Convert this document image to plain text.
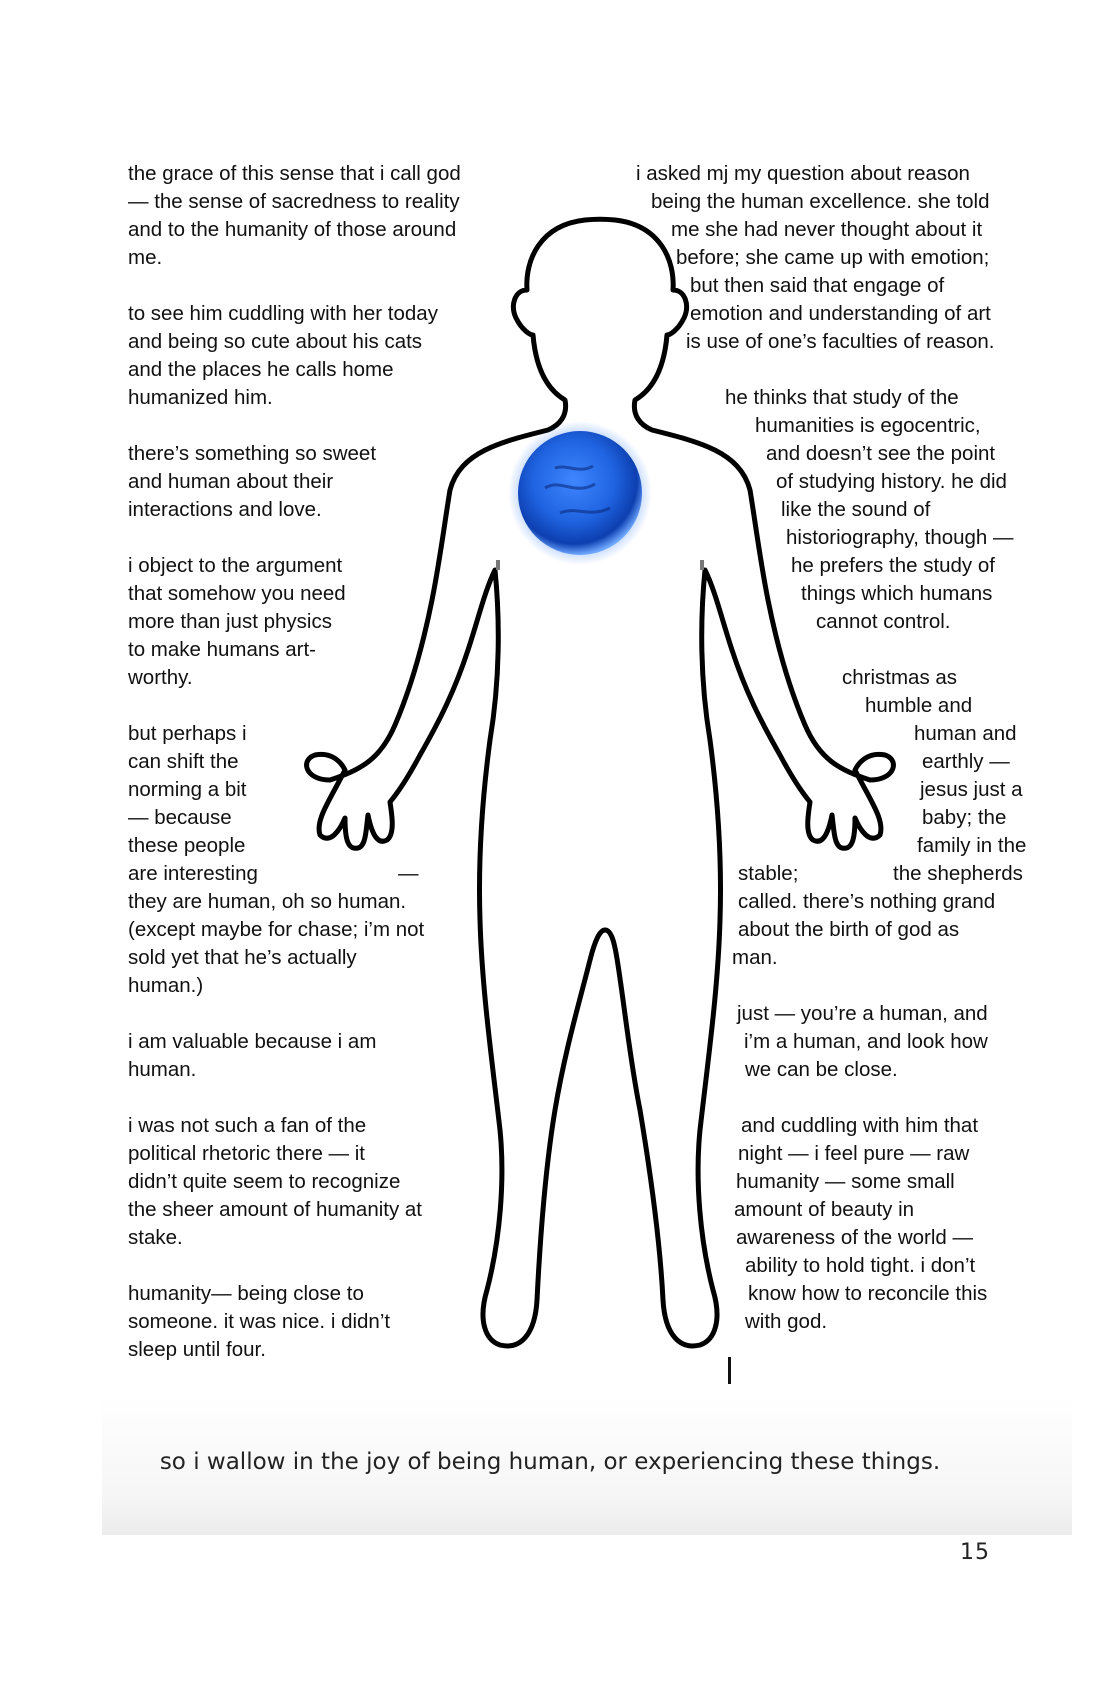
the grace of this sense that i call god
— the sense of sacredness to reality
and to the humanity of those around
me.
to see him cuddling with her today
and being so cute about his cats
and the places he calls home
humanized him.
there’s something so sweet
and human about their
interactions and love.
i object to the argument
that somehow you need
more than just physics
to make humans art-
worthy.
but perhaps i
can shift the
norming a bit
— because
these people
are interesting	—
they are human, oh so human.
(except maybe for chase; i’m not
sold yet that he’s actually
human.)
i am valuable because i am
human.
i was not such a fan of the
political rhetoric there — it
didn’t quite seem to recognize
the sheer amount of humanity at
stake.
humanity— being close to
someone. it was nice. i didn’t
sleep until four.
i asked mj my question about reason
being the human excellence. she told
me she had never thought about it
before; she came up with emotion;
but then said that engage of
emotion and understanding of art
is use of one’s faculties of reason.
he thinks that study of the
humanities is egocentric,
and doesn’t see the point
of studying history. he did
like the sound of
historiography, though —
he prefers the study of
things which humans
cannot control.
christmas as
humble and
human and
earthly —
jesus just a
baby; the
family in the
stable;	the shepherds
called. there’s nothing grand
about the birth of god as
man.
just — you’re a human, and
i’m a human, and look how
we can be close.
and cuddling with him that
night — i feel pure — raw
humanity — some small
amount of beauty in
awareness of the world —
ability to hold tight. i don’t
know how to reconcile this
with god.
so i wallow in the joy of being human, or experiencing these things.
15
